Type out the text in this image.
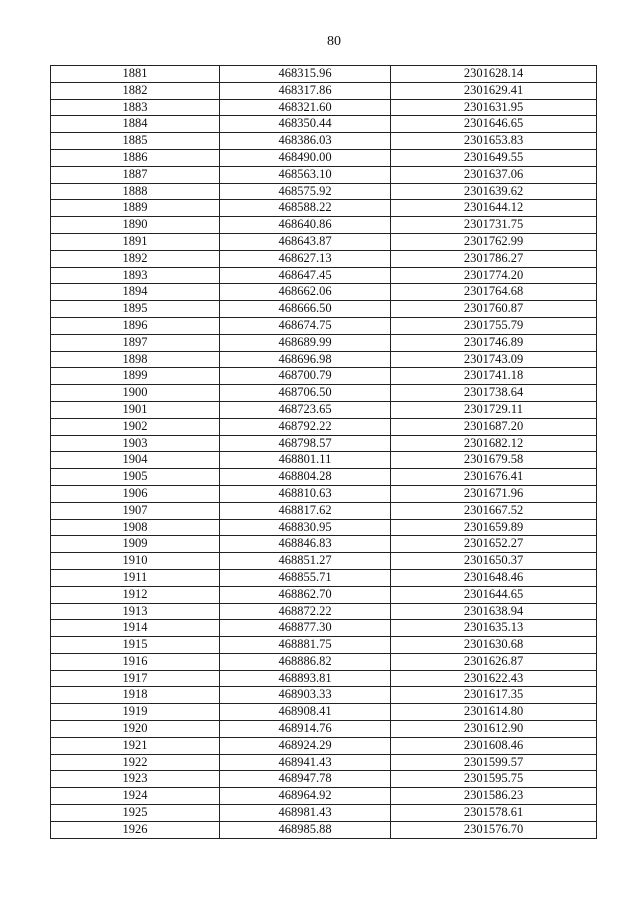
80
1881	468315.96	2301628.14
1882	468317.86	2301629.41
1883	468321.60	2301631.95
1884	468350.44	2301646.65
1885	468386.03	2301653.83
1886	468490.00	2301649.55
1887	468563.10	2301637.06
1888	468575.92	2301639.62
1889	468588.22	2301644.12
1890	468640.86	2301731.75
1891	468643.87	2301762.99
1892	468627.13	2301786.27
1893	468647.45	2301774.20
1894	468662.06	2301764.68
1895	468666.50	2301760.87
1896	468674.75	2301755.79
1897	468689.99	2301746.89
1898	468696.98	2301743.09
1899	468700.79	2301741.18
1900	468706.50	2301738.64
1901	468723.65	2301729.11
1902	468792.22	2301687.20
1903	468798.57	2301682.12
1904	468801.11	2301679.58
1905	468804.28	2301676.41
1906	468810.63	2301671.96
1907	468817.62	2301667.52
1908	468830.95	2301659.89
1909	468846.83	2301652.27
1910	468851.27	2301650.37
1911	468855.71	2301648.46
1912	468862.70	2301644.65
1913	468872.22	2301638.94
1914	468877.30	2301635.13
1915	468881.75	2301630.68
1916	468886.82	2301626.87
1917	468893.81	2301622.43
1918	468903.33	2301617.35
1919	468908.41	2301614.80
1920	468914.76	2301612.90
1921	468924.29	2301608.46
1922	468941.43	2301599.57
1923	468947.78	2301595.75
1924	468964.92	2301586.23
1925	468981.43	2301578.61
1926	468985.88	2301576.70
